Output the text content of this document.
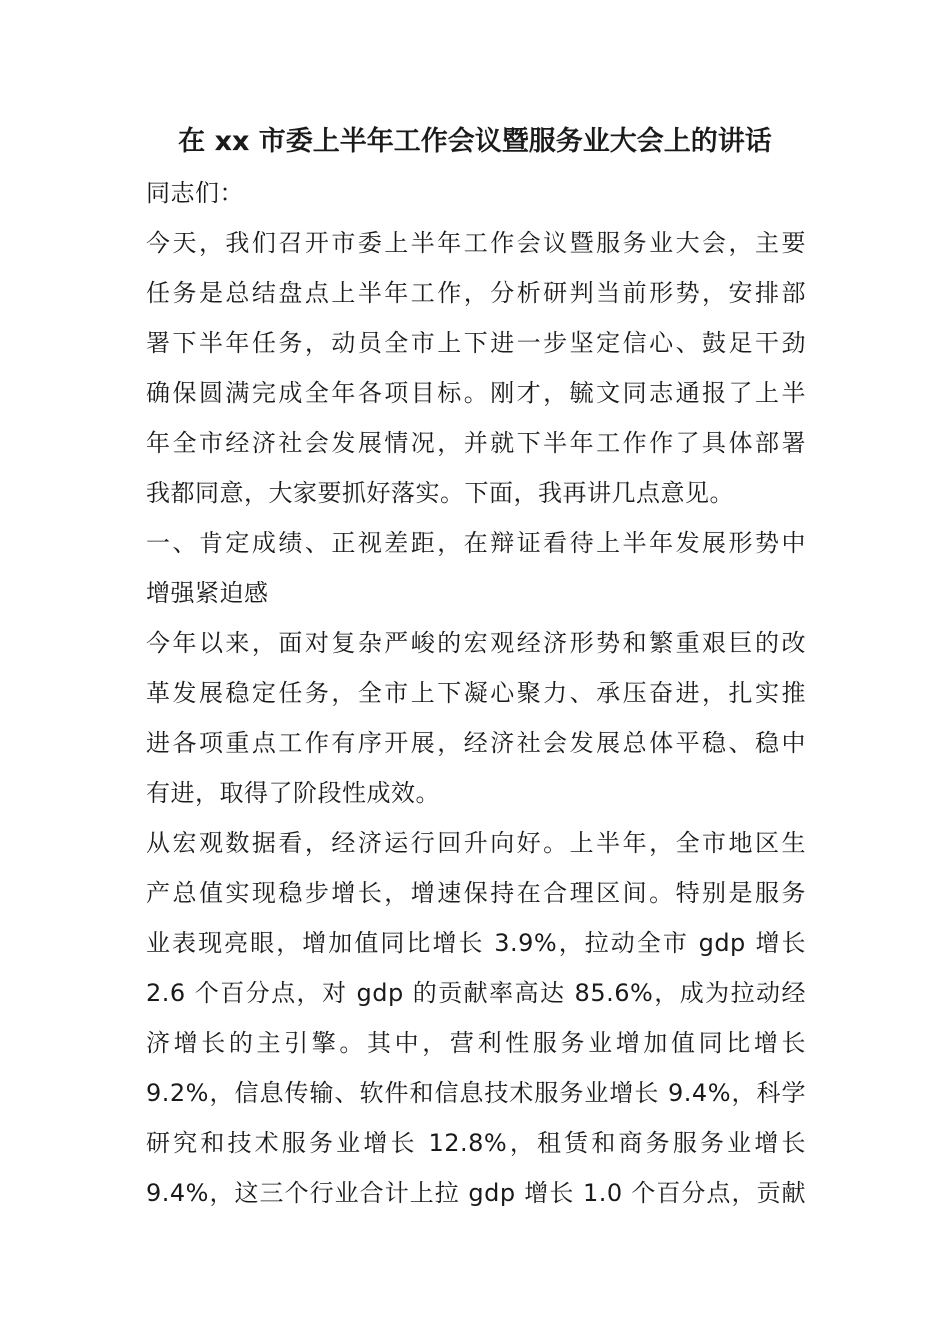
在 xx 市委上半年工作会议暨服务业大会上的讲话
同志们：
今天，我们召开市委上半年工作会议暨服务业大会，主要
任务是总结盘点上半年工作，分析研判当前形势，安排部
署下半年任务，动员全市上下进一步坚定信心、鼓足干劲
确保圆满完成全年各项目标。刚才，毓文同志通报了上半
年全市经济社会发展情况，并就下半年工作作了具体部署
我都同意，大家要抓好落实。下面，我再讲几点意见。
一、肯定成绩、正视差距，在辩证看待上半年发展形势中
增强紧迫感
今年以来，面对复杂严峻的宏观经济形势和繁重艰巨的改
革发展稳定任务，全市上下凝心聚力、承压奋进，扎实推
进各项重点工作有序开展，经济社会发展总体平稳、稳中
有进，取得了阶段性成效。
从宏观数据看，经济运行回升向好。上半年，全市地区生
产总值实现稳步增长，增速保持在合理区间。特别是服务
业表现亮眼，增加值同比增长 3.9%，拉动全市 gdp 增长
2.6 个百分点，对 gdp 的贡献率高达 85.6%，成为拉动经
济增长的主引擎。其中，营利性服务业增加值同比增长
9.2%，信息传输、软件和信息技术服务业增长 9.4%，科学
研究和技术服务业增长 12.8%，租赁和商务服务业增长
9.4%，这三个行业合计上拉 gdp 增长 1.0 个百分点，贡献
